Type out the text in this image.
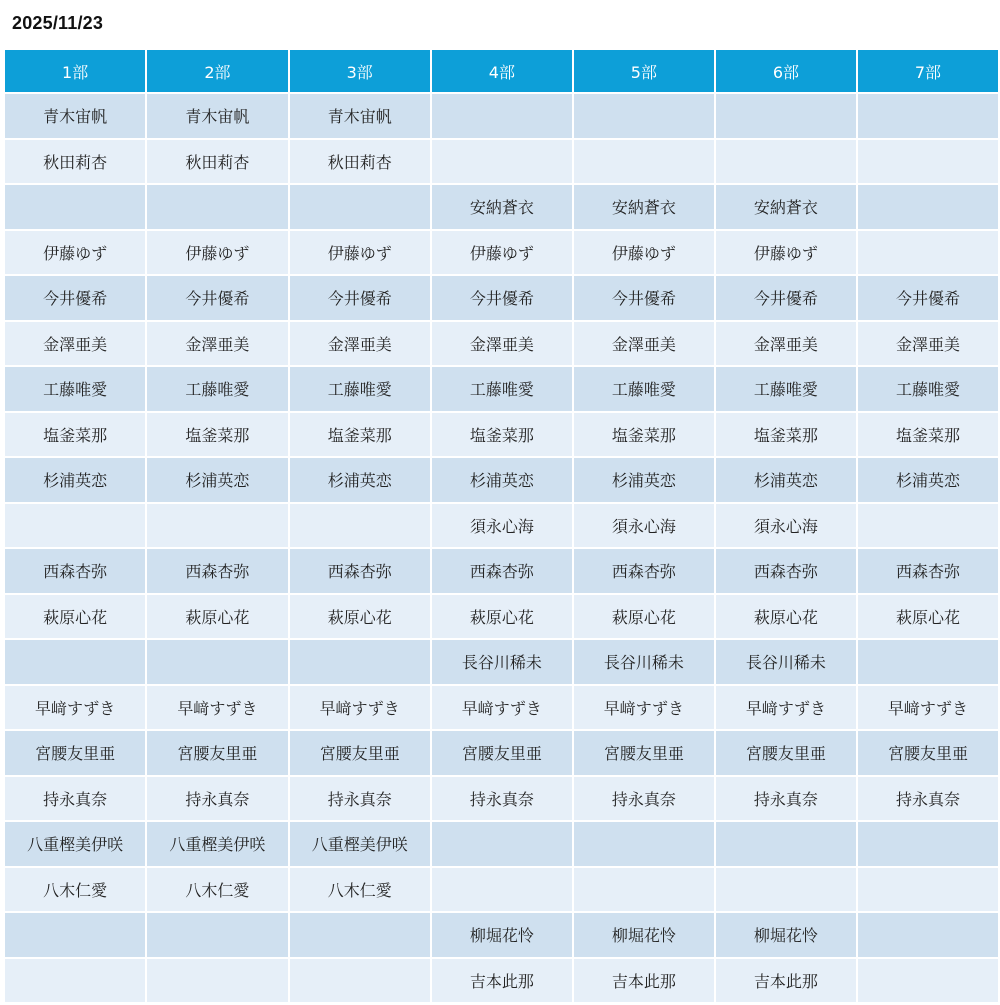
2025/11/23
1部	2部	3部	4部	5部	6部	7部
青木宙帆	青木宙帆	青木宙帆				
秋田莉杏	秋田莉杏	秋田莉杏				
			安納蒼衣	安納蒼衣	安納蒼衣	
伊藤ゆず	伊藤ゆず	伊藤ゆず	伊藤ゆず	伊藤ゆず	伊藤ゆず	
今井優希	今井優希	今井優希	今井優希	今井優希	今井優希	今井優希
金澤亜美	金澤亜美	金澤亜美	金澤亜美	金澤亜美	金澤亜美	金澤亜美
工藤唯愛	工藤唯愛	工藤唯愛	工藤唯愛	工藤唯愛	工藤唯愛	工藤唯愛
塩釜菜那	塩釜菜那	塩釜菜那	塩釜菜那	塩釜菜那	塩釜菜那	塩釜菜那
杉浦英恋	杉浦英恋	杉浦英恋	杉浦英恋	杉浦英恋	杉浦英恋	杉浦英恋
			須永心海	須永心海	須永心海	
西森杏弥	西森杏弥	西森杏弥	西森杏弥	西森杏弥	西森杏弥	西森杏弥
萩原心花	萩原心花	萩原心花	萩原心花	萩原心花	萩原心花	萩原心花
			長谷川稀未	長谷川稀未	長谷川稀未	
早﨑すずき	早﨑すずき	早﨑すずき	早﨑すずき	早﨑すずき	早﨑すずき	早﨑すずき
宮腰友里亜	宮腰友里亜	宮腰友里亜	宮腰友里亜	宮腰友里亜	宮腰友里亜	宮腰友里亜
持永真奈	持永真奈	持永真奈	持永真奈	持永真奈	持永真奈	持永真奈
八重樫美伊咲	八重樫美伊咲	八重樫美伊咲				
八木仁愛	八木仁愛	八木仁愛				
			柳堀花怜	柳堀花怜	柳堀花怜	
			吉本此那	吉本此那	吉本此那	
